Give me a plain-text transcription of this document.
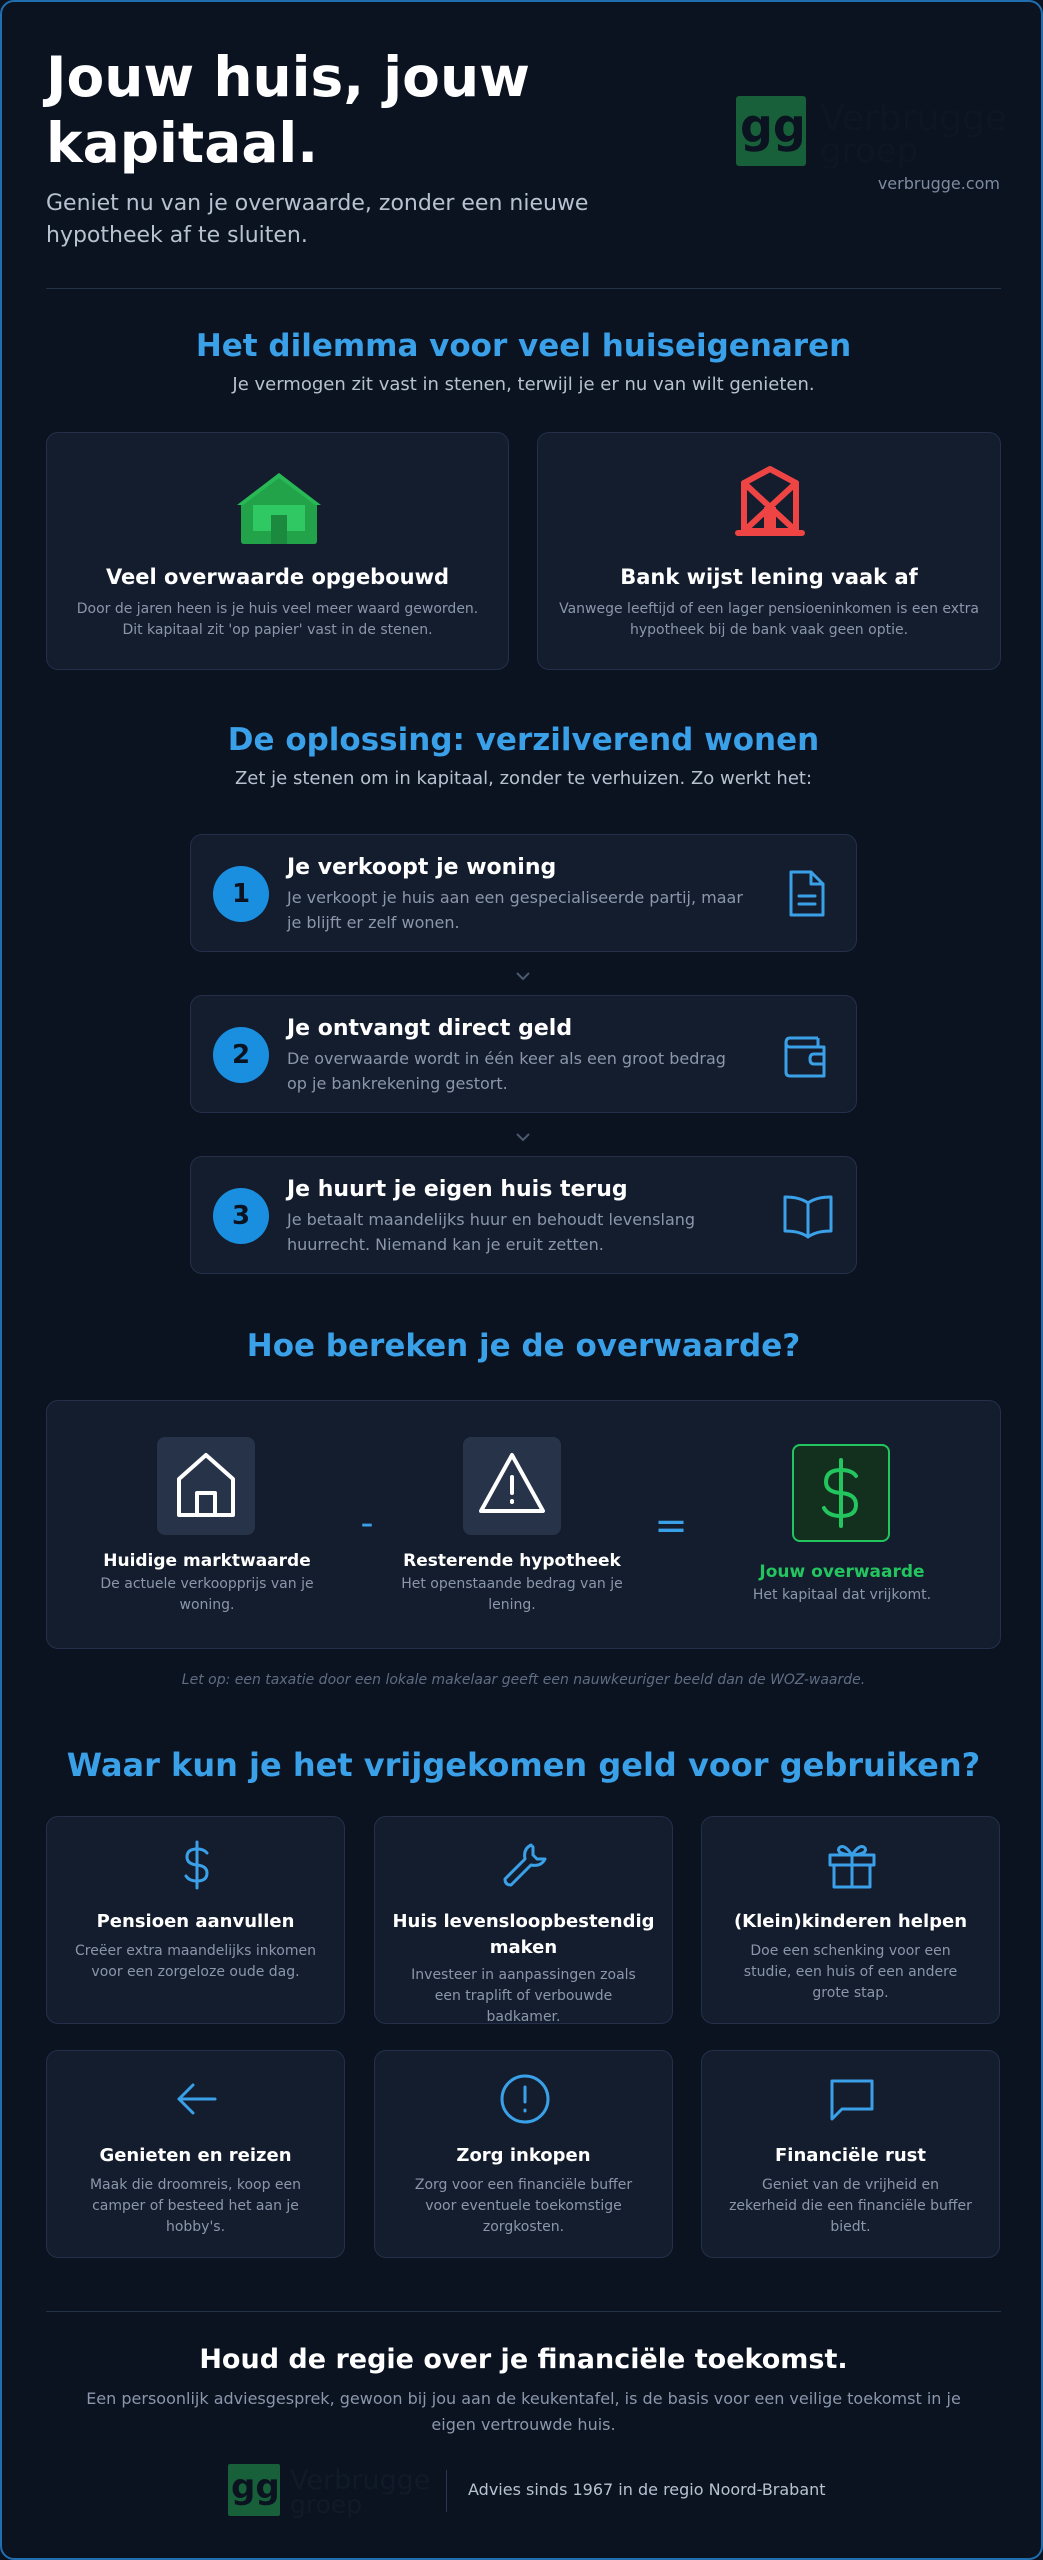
Jouw huis, jouw kapitaal.
Geniet nu van je overwaarde, zonder een nieuwe hypotheek af te sluiten.
gg Verbrugge
groep
verbrugge.com
Het dilemma voor veel huiseigenaren
Je vermogen zit vast in stenen, terwijl je er nu van wilt genieten.
Veel overwaarde opgebouwd
Door de jaren heen is je huis veel meer waard geworden. Dit kapitaal zit 'op papier' vast in de stenen.
Bank wijst lening vaak af
Vanwege leeftijd of een lager pensioeninkomen is een extra hypotheek bij de bank vaak geen optie.
De oplossing: verzilverend wonen
Zet je stenen om in kapitaal, zonder te verhuizen. Zo werkt het:
1
Je verkoopt je woning
Je verkoopt je huis aan een gespecialiseerde partij, maar je blijft er zelf wonen.
2
Je ontvangt direct geld
De overwaarde wordt in één keer als een groot bedrag op je bankrekening gestort.
3
Je huurt je eigen huis terug
Je betaalt maandelijks huur en behoudt levenslang huurrecht. Niemand kan je eruit zetten.
Hoe bereken je de overwaarde?
Huidige marktwaarde
De actuele verkoopprijs van je woning.
-
Resterende hypotheek
Het openstaande bedrag van je lening.
=
Jouw overwaarde
Het kapitaal dat vrijkomt.
Let op: een taxatie door een lokale makelaar geeft een nauwkeuriger beeld dan de WOZ-waarde.
Waar kun je het vrijgekomen geld voor gebruiken?
Pensioen aanvullen
Creëer extra maandelijks inkomen voor een zorgeloze oude dag.
Huis levensloopbestendig maken
Investeer in aanpassingen zoals een traplift of verbouwde badkamer.
(Klein)kinderen helpen
Doe een schenking voor een studie, een huis of een andere grote stap.
Genieten en reizen
Maak die droomreis, koop een camper of besteed het aan je hobby's.
Zorg inkopen
Zorg voor een financiële buffer voor eventuele toekomstige zorgkosten.
Financiële rust
Geniet van de vrijheid en zekerheid die een financiële buffer biedt.
Houd de regie over je financiële toekomst.
Een persoonlijk adviesgesprek, gewoon bij jou aan de keukentafel, is de basis voor een veilige toekomst in je eigen vertrouwde huis.
gg Verbrugge
groep
Advies sinds 1967 in de regio Noord-Brabant
